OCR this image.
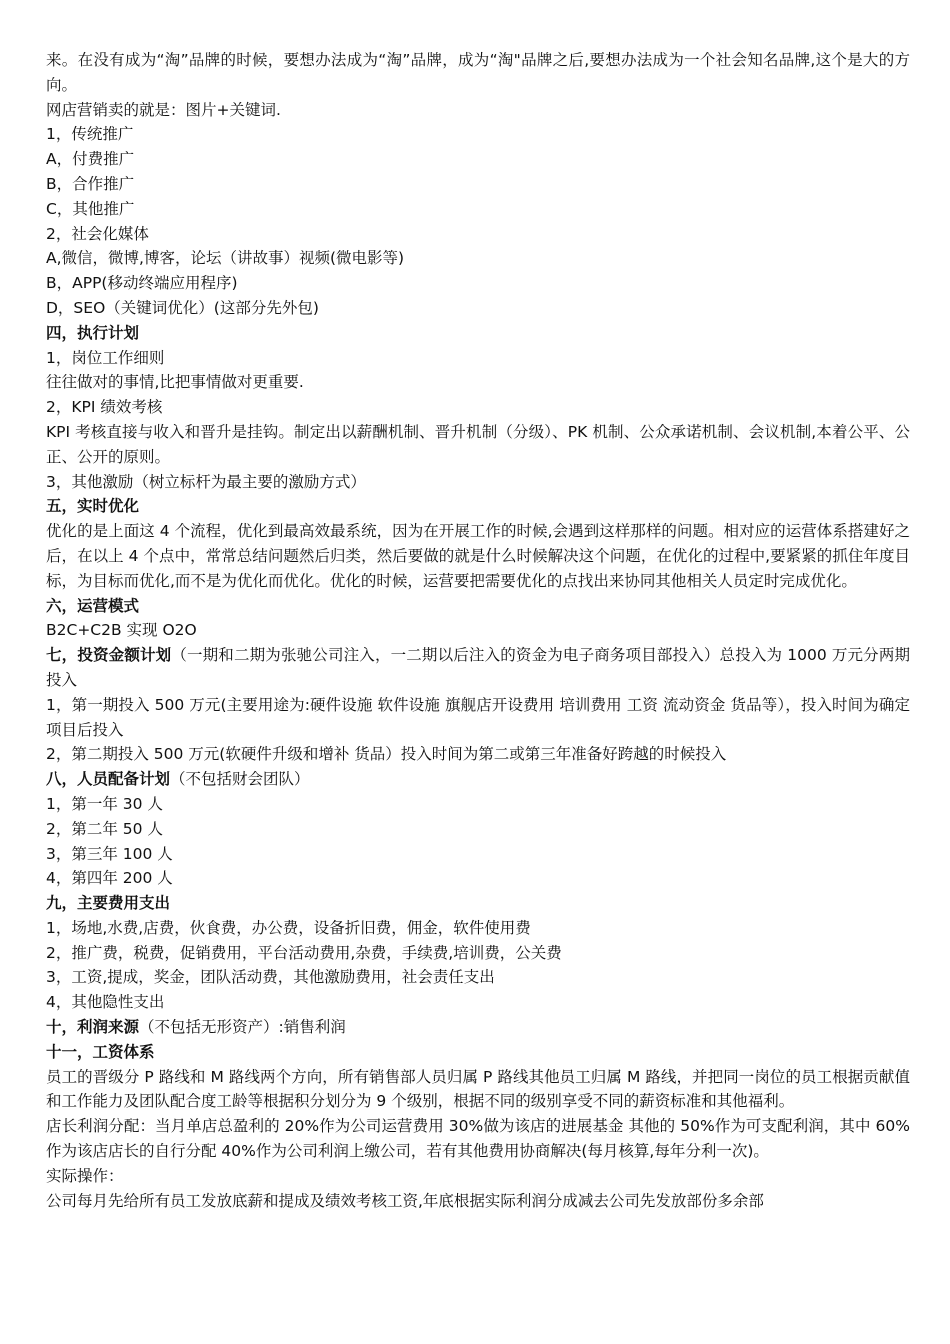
来。在没有成为“淘”品牌的时候，要想办法成为“淘”品牌，成为“淘"品牌之后,要想办法成为一个社会知名品牌,这个是大的方向。

网店营销卖的就是：图片+关键词.

1，传统推广

A，付费推广

B，合作推广

C，其他推广

2，社会化媒体

A,微信，微博,博客，论坛（讲故事）视频(微电影等)

B，APP(移动终端应用程序)

D，SEO（关键词优化）(这部分先外包)

四，执行计划

1，岗位工作细则

往往做对的事情,比把事情做对更重要.

2，KPI 绩效考核

KPI 考核直接与收入和晋升是挂钩。制定出以薪酬机制、晋升机制（分级）、PK 机制、公众承诺机制、会议机制,本着公平、公正、公开的原则。

3，其他激励（树立标杆为最主要的激励方式）

五，实时优化

优化的是上面这 4 个流程，优化到最高效最系统，因为在开展工作的时候,会遇到这样那样的问题。相对应的运营体系搭建好之后，在以上 4 个点中，常常总结问题然后归类，然后要做的就是什么时候解决这个问题，在优化的过程中,要紧紧的抓住年度目标，为目标而优化,而不是为优化而优化。优化的时候，运营要把需要优化的点找出来协同其他相关人员定时完成优化。

六，运营模式

B2C+C2B 实现 O2O

七，投资金额计划（一期和二期为张驰公司注入，一二期以后注入的资金为电子商务项目部投入）总投入为 1000 万元分两期投入

1，第一期投入 500 万元(主要用途为:硬件设施 软件设施 旗舰店开设费用 培训费用 工资 流动资金 货品等），投入时间为确定项目后投入

2，第二期投入 500 万元(软硬件升级和增补 货品）投入时间为第二或第三年准备好跨越的时候投入

八，人员配备计划（不包括财会团队）

1，第一年 30 人

2，第二年 50 人

3，第三年 100 人

4，第四年 200 人

九，主要费用支出

1，场地,水费,店费，伙食费，办公费，设备折旧费，佣金，软件使用费

2，推广费，税费，促销费用，平台活动费用,杂费，手续费,培训费，公关费

3，工资,提成，奖金，团队活动费，其他激励费用，社会责任支出

4，其他隐性支出

十，利润来源（不包括无形资产）:销售利润

十一，工资体系

员工的晋级分 P 路线和 M 路线两个方向，所有销售部人员归属 P 路线其他员工归属 M 路线，并把同一岗位的员工根据贡献值和工作能力及团队配合度工龄等根据积分划分为 9 个级别，根据不同的级别享受不同的薪资标准和其他福利。

店长利润分配：当月单店总盈利的 20%作为公司运营费用 30%做为该店的进展基金 其他的 50%作为可支配利润，其中 60%作为该店店长的自行分配 40%作为公司利润上缴公司，若有其他费用协商解决(每月核算,每年分利一次)。

实际操作：

公司每月先给所有员工发放底薪和提成及绩效考核工资,年底根据实际利润分成减去公司先发放部份多余部
